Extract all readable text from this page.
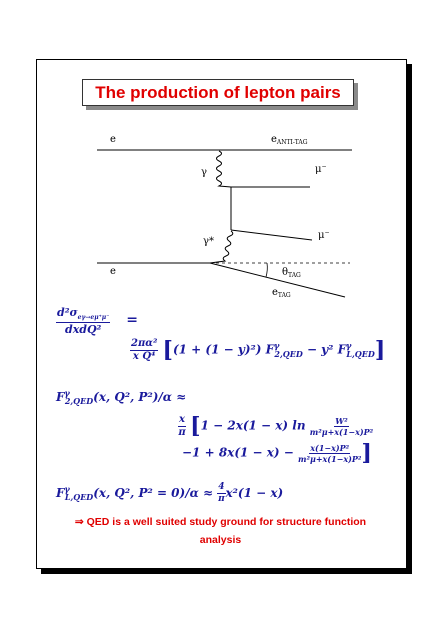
The production of lepton pairs
e	$e_{ANTI-TAG}$
γ	μ−
μ−
γ*
e	$\theta_{TAG}$
$e_{TAG}$
$\frac{d^2\sigma_{e\gamma\to e\mu^+\mu^-}}{\text{dxdQ²}}$ =
$\frac{\text{2πα²}}{\text{x Q⁴}} [(1 + (1 - y)^2) F^\gamma_{2,QED} - y^2$ $F^\gamma_{L,QED}$]
$F^\gamma_{2,QED}(x$, Q², P²)/α ≈
$\frac{x}{\pi} [1 - 2x(1 - x)$ $\ln \frac{\text{W²}}{\text{m²μ+x(1−x)P²}}$
$-1 + 8x(1 - x) - \frac{\text{x(1−x)P²}}{\text{m²μ+x(1−x)P²}}$ ]
$F^\gamma_{L,QED}(x$, Q², $P^2 = 0)/\alpha \approx \frac{4}{\pi} x^2(1 - x)$
⇒ QED is a well suited study ground for structure function
analysis
